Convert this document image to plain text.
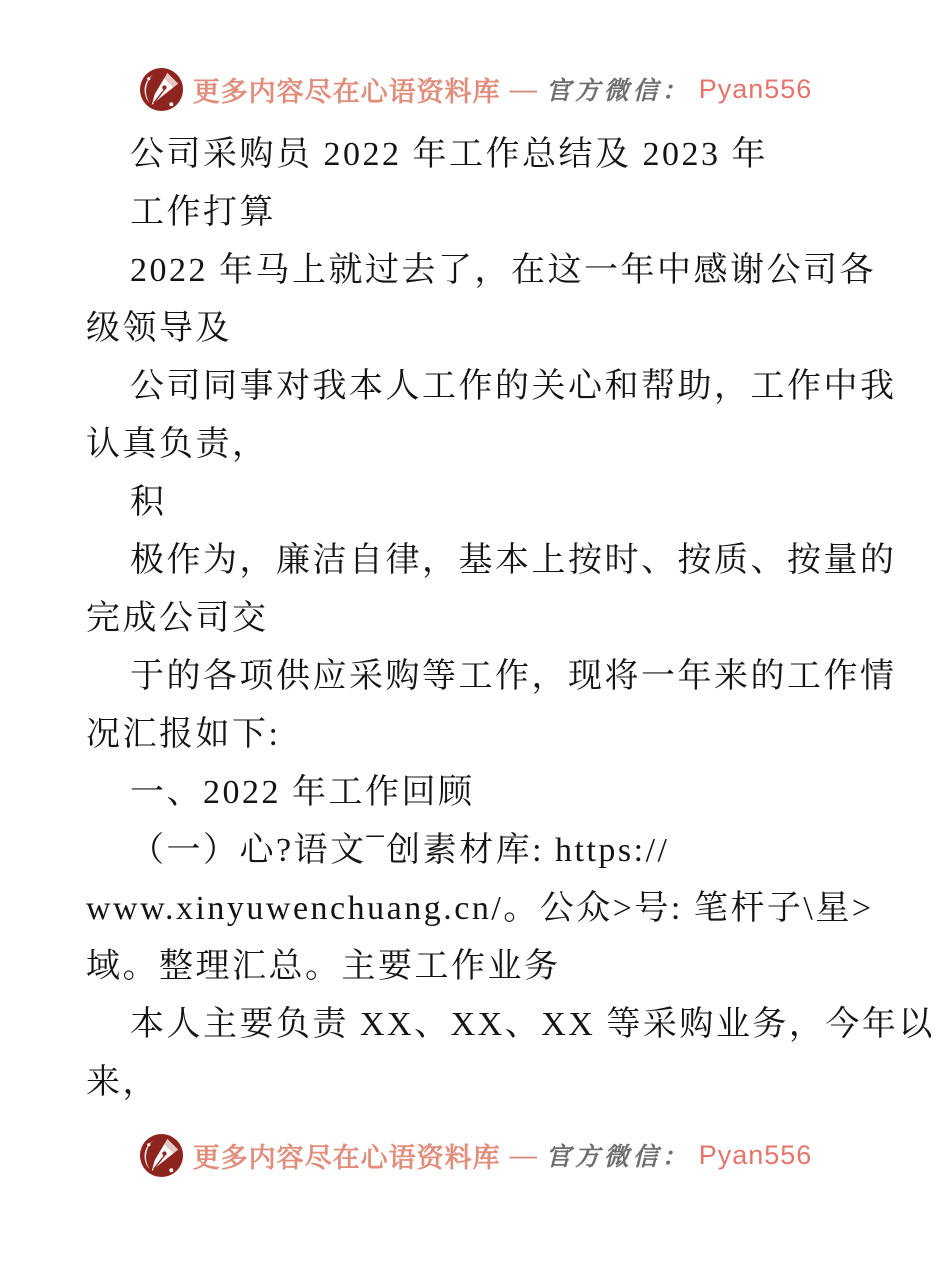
更多内容尽在心语资料库 — 官方微信： Pyan556
公司采购员 2022 年工作总结及 2023 年
工作打算
2022 年马上就过去了，在这一年中感谢公司各
级领导及
公司同事对我本人工作的关心和帮助，工作中我
认真负责，
积
极作为，廉洁自律，基本上按时、按质、按量的
完成公司交
于的各项供应采购等工作，现将一年来的工作情
况汇报如下:
一、2022 年工作回顾
（一）心?语文¯创素材库: https://
www.xinyuwenchuang.cn/。公众>号: 笔杆子\星>
域。整理汇总。主要工作业务
本人主要负责 XX、XX、XX 等采购业务，今年以
来，
更多内容尽在心语资料库 — 官方微信： Pyan556
